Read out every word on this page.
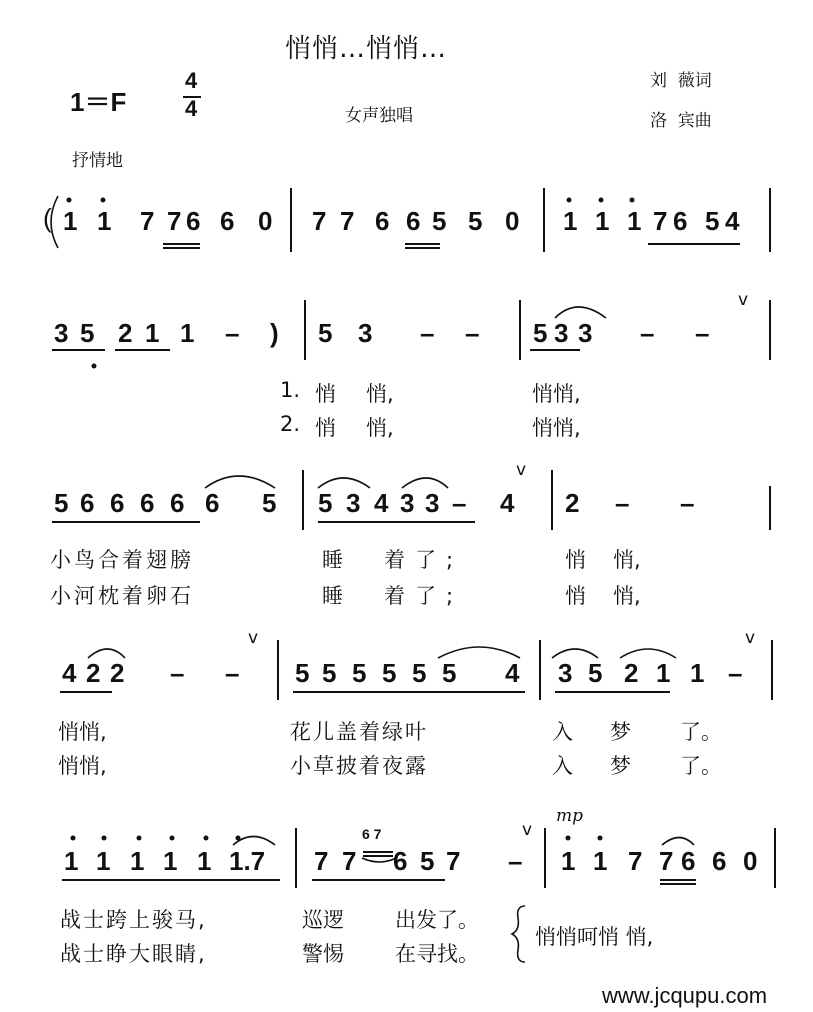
悄悄…悄悄…
1＝F
4
4	女声独唱
刘  薇词
洛  宾曲
抒情地
( 1 1 7 7 6 6 0 7 7 6 6 5 5 0 1 1 1 7 6 5 4
3 5 2 1 1 – ) 5 3 – – 5 3 3 – –
5 6 6 6 6 6 5 5 3 4 3 3 – 4 2 – –
4 2 2 – – 5 5 5 5 5 5 4 3 5 2 1 1 –
1 1 1 1 1 1.7 7 7 6 5 7 – 1 1 7 7 6 6 0
v
v
v	v
v
mp
6 7
1. 悄 悄,	悄悄,
2. 悄 悄,	悄悄,
小鸟合着翅膀	睡 着了;	悄 悄,
小河枕着卵石	睡 着了;	悄 悄,
悄悄,	花儿盖着绿叶	入 梦 了。
悄悄,	小草披着夜露	入 梦 了。
战士跨上骏马,	巡逻 出发了。
战士睁大眼睛,	警惕 在寻找。
悄悄呵悄 悄,
www.jcqupu.com
